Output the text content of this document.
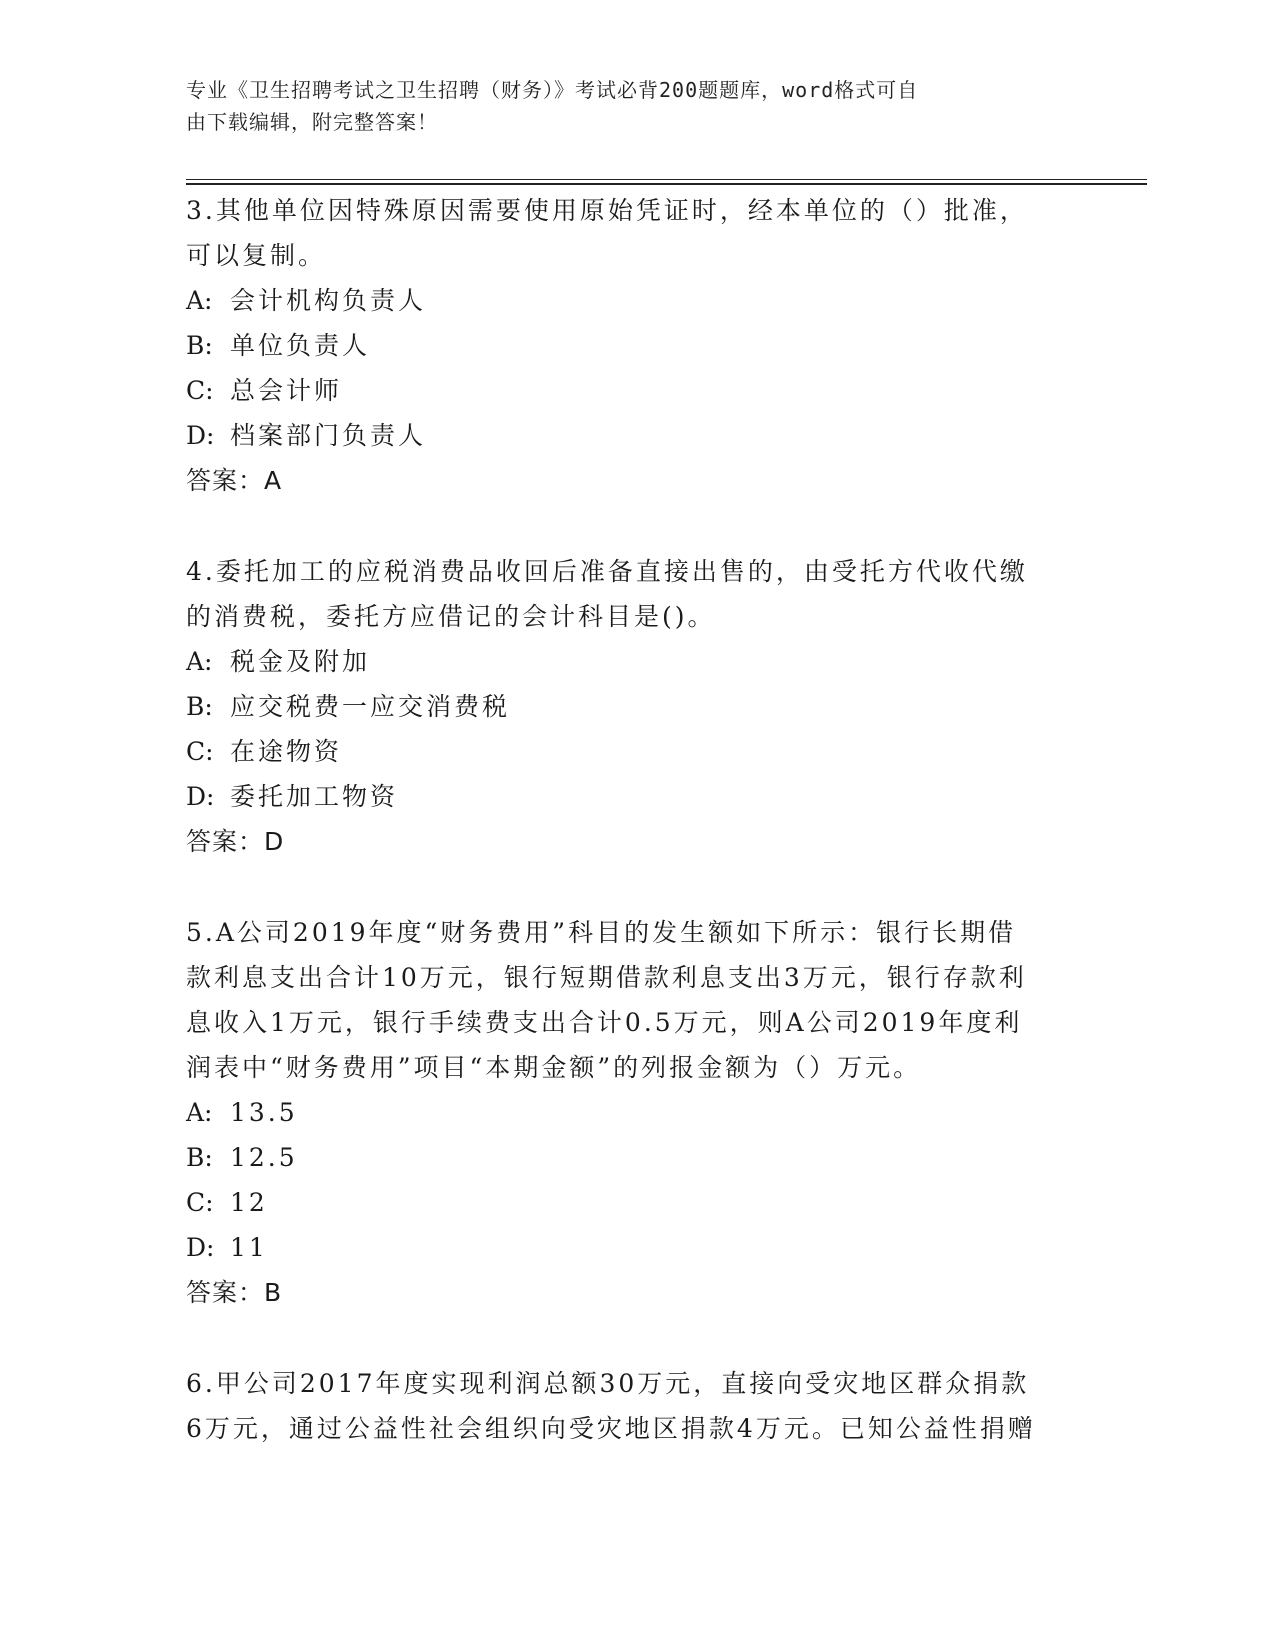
专业《卫生招聘考试之卫生招聘（财务）》考试必背200题题库，word格式可自
由下载编辑，附完整答案！
3.其他单位因特殊原因需要使用原始凭证时，经本单位的（）批准，
可以复制。
A: 会计机构负责人
B: 单位负责人
C: 总会计师
D: 档案部门负责人
答案：A
4.委托加工的应税消费品收回后准备直接出售的，由受托方代收代缴
的消费税，委托方应借记的会计科目是()。
A: 税金及附加
B: 应交税费一应交消费税
C: 在途物资
D: 委托加工物资
答案：D
5.A公司2019年度“财务费用”科目的发生额如下所示：银行长期借
款利息支出合计10万元，银行短期借款利息支出3万元，银行存款利
息收入1万元，银行手续费支出合计0.5万元，则A公司2019年度利
润表中“财务费用”项目“本期金额”的列报金额为（）万元。
A: 13.5
B: 12.5
C: 12
D: 11
答案：B
6.甲公司2017年度实现利润总额30万元，直接向受灾地区群众捐款
6万元，通过公益性社会组织向受灾地区捐款4万元。已知公益性捐赠
